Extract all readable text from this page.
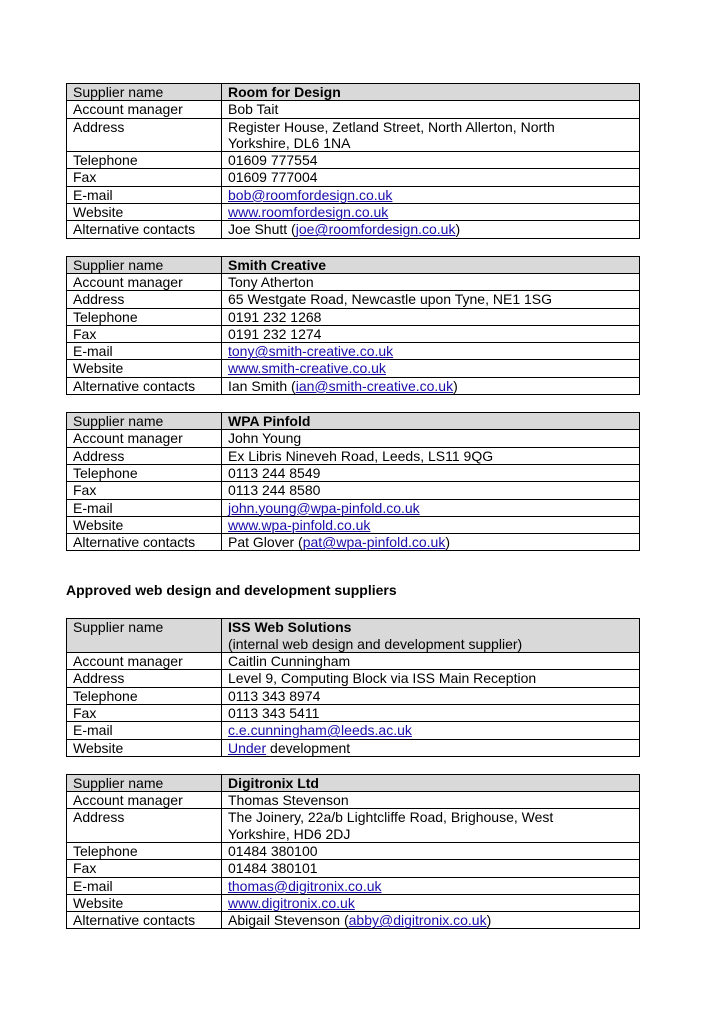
Supplier name	Room for Design
Account manager	Bob Tait
Address	Register House, Zetland Street, North Allerton, North
Yorkshire, DL6 1NA
Telephone	01609 777554
Fax	01609 777004
E-mail	bob@roomfordesign.co.uk
Website	www.roomfordesign.co.uk
Alternative contacts	Joe Shutt (joe@roomfordesign.co.uk)
Supplier name	Smith Creative
Account manager	Tony Atherton
Address	65 Westgate Road, Newcastle upon Tyne, NE1 1SG
Telephone	0191 232 1268
Fax	0191 232 1274
E-mail	tony@smith-creative.co.uk
Website	www.smith-creative.co.uk
Alternative contacts	Ian Smith (ian@smith-creative.co.uk)
Supplier name	WPA Pinfold
Account manager	John Young
Address	Ex Libris Nineveh Road, Leeds, LS11 9QG
Telephone	0113 244 8549
Fax	0113 244 8580
E-mail	john.young@wpa-pinfold.co.uk
Website	www.wpa-pinfold.co.uk
Alternative contacts	Pat Glover (pat@wpa-pinfold.co.uk)
Approved web design and development suppliers
Supplier name	ISS Web Solutions
(internal web design and development supplier)
Account manager	Caitlin Cunningham
Address	Level 9, Computing Block via ISS Main Reception
Telephone	0113 343 8974
Fax	0113 343 5411
E-mail	c.e.cunningham@leeds.ac.uk
Website	Under development
Supplier name	Digitronix Ltd
Account manager	Thomas Stevenson
Address	The Joinery, 22a/b Lightcliffe Road, Brighouse, West
Yorkshire, HD6 2DJ
Telephone	01484 380100
Fax	01484 380101
E-mail	thomas@digitronix.co.uk
Website	www.digitronix.co.uk
Alternative contacts	Abigail Stevenson (abby@digitronix.co.uk)
